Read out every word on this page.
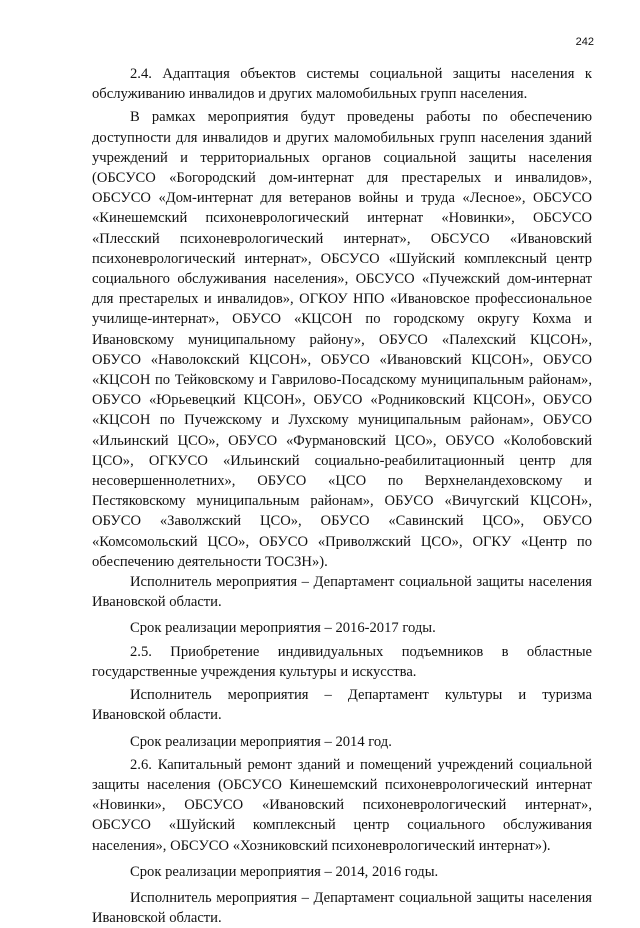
242

2.4. Адаптация объектов системы социальной защиты населения к обслуживанию инвалидов и других маломобильных групп населения.

В рамках мероприятия будут проведены работы по обеспечению доступности для инвалидов и других маломобильных групп населения зданий учреждений и территориальных органов социальной защиты населения (ОБСУСО «Богородский дом-интернат для престарелых и инвалидов», ОБСУСО «Дом-интернат для ветеранов войны и труда «Лесное», ОБСУСО «Кинешемский психоневрологический интернат «Новинки», ОБСУСО «Плесский психоневрологический интернат», ОБСУСО «Ивановский психоневрологический интернат», ОБСУСО «Шуйский комплексный центр социального обслуживания населения», ОБСУСО «Пучежский дом-интернат для престарелых и инвалидов», ОГКОУ НПО «Ивановское профессиональное училище-интернат», ОБУСО «КЦСОН по городскому округу Кохма и Ивановскому муниципальному району», ОБУСО «Палехский КЦСОН», ОБУСО «Наволокский КЦСОН», ОБУСО «Ивановский КЦСОН», ОБУСО «КЦСОН по Тейковскому и Гаврилово-Посадскому муниципальным районам», ОБУСО «Юрьевецкий КЦСОН», ОБУСО «Родниковский КЦСОН», ОБУСО «КЦСОН по Пучежскому и Лухскому муниципальным районам», ОБУСО «Ильинский ЦСО», ОБУСО «Фурмановский ЦСО», ОБУСО «Колобовский ЦСО», ОГКУСО «Ильинский социально-реабилитационный центр для несовершеннолетних», ОБУСО «ЦСО по Верхнеландеховскому и Пестяковскому муниципальным районам», ОБУСО «Вичугский КЦСОН», ОБУСО «Заволжский ЦСО», ОБУСО «Савинский ЦСО», ОБУСО «Комсомольский ЦСО», ОБУСО «Приволжский ЦСО», ОГКУ «Центр по обеспечению деятельности ТОСЗН»).

Исполнитель мероприятия – Департамент социальной защиты населения Ивановской области.

Срок реализации мероприятия – 2016-2017 годы.

2.5. Приобретение индивидуальных подъемников в областные государственные учреждения культуры и искусства.

Исполнитель мероприятия – Департамент культуры и туризма Ивановской области.

Срок реализации мероприятия – 2014 год.

2.6. Капитальный ремонт зданий и помещений учреждений социальной защиты населения (ОБСУСО Кинешемский психоневрологический интернат «Новинки», ОБСУСО «Ивановский психоневрологический интернат», ОБСУСО «Шуйский комплексный центр социального обслуживания населения», ОБСУСО «Хозниковский психоневрологический интернат»).

Срок реализации мероприятия – 2014, 2016 годы.

Исполнитель мероприятия – Департамент социальной защиты населения Ивановской области.
